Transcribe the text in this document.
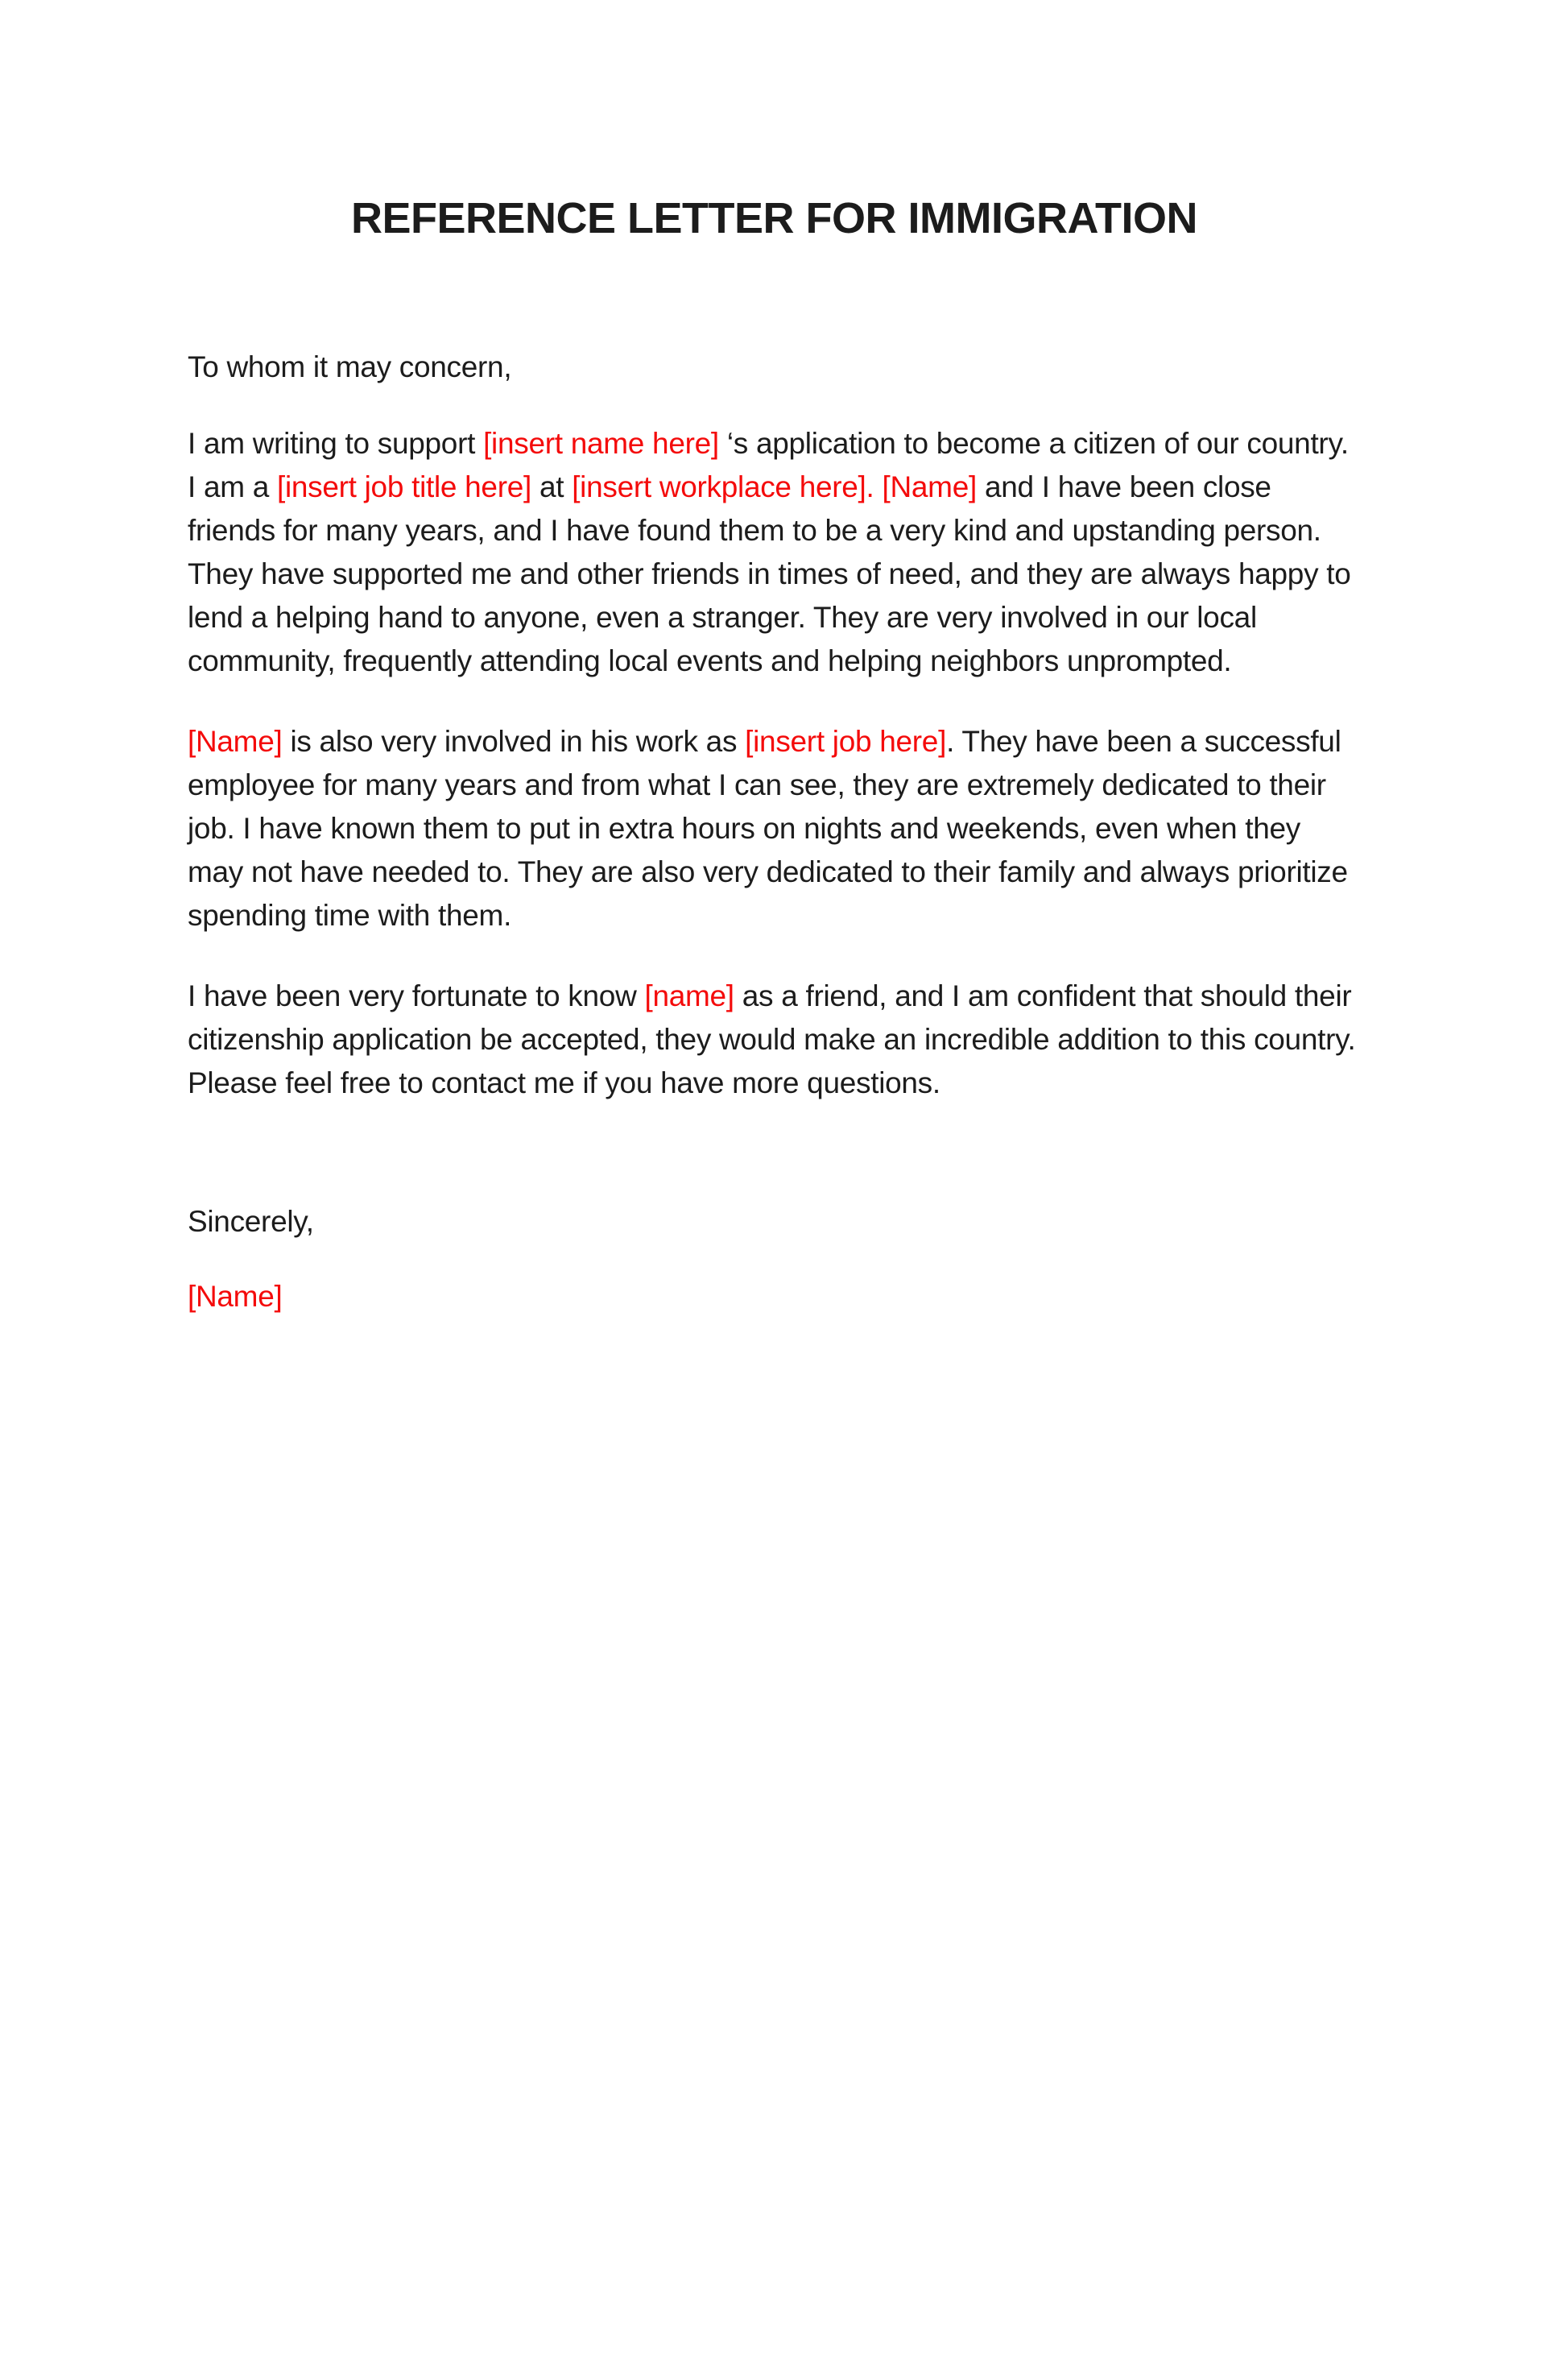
REFERENCE LETTER FOR IMMIGRATION

To whom it may concern,

I am writing to support [insert name here] ‘s application to become a citizen of our country. I am a [insert job title here] at [insert workplace here]. [Name] and I have been close friends for many years, and I have found them to be a very kind and upstanding person. They have supported me and other friends in times of need, and they are always happy to lend a helping hand to anyone, even a stranger. They are very involved in our local community, frequently attending local events and helping neighbors unprompted.

[Name] is also very involved in his work as [insert job here]. They have been a successful employee for many years and from what I can see, they are extremely dedicated to their job. I have known them to put in extra hours on nights and weekends, even when they may not have needed to. They are also very dedicated to their family and always prioritize spending time with them.

I have been very fortunate to know [name] as a friend, and I am confident that should their citizenship application be accepted, they would make an incredible addition to this country. Please feel free to contact me if you have more questions.

Sincerely,

[Name]
